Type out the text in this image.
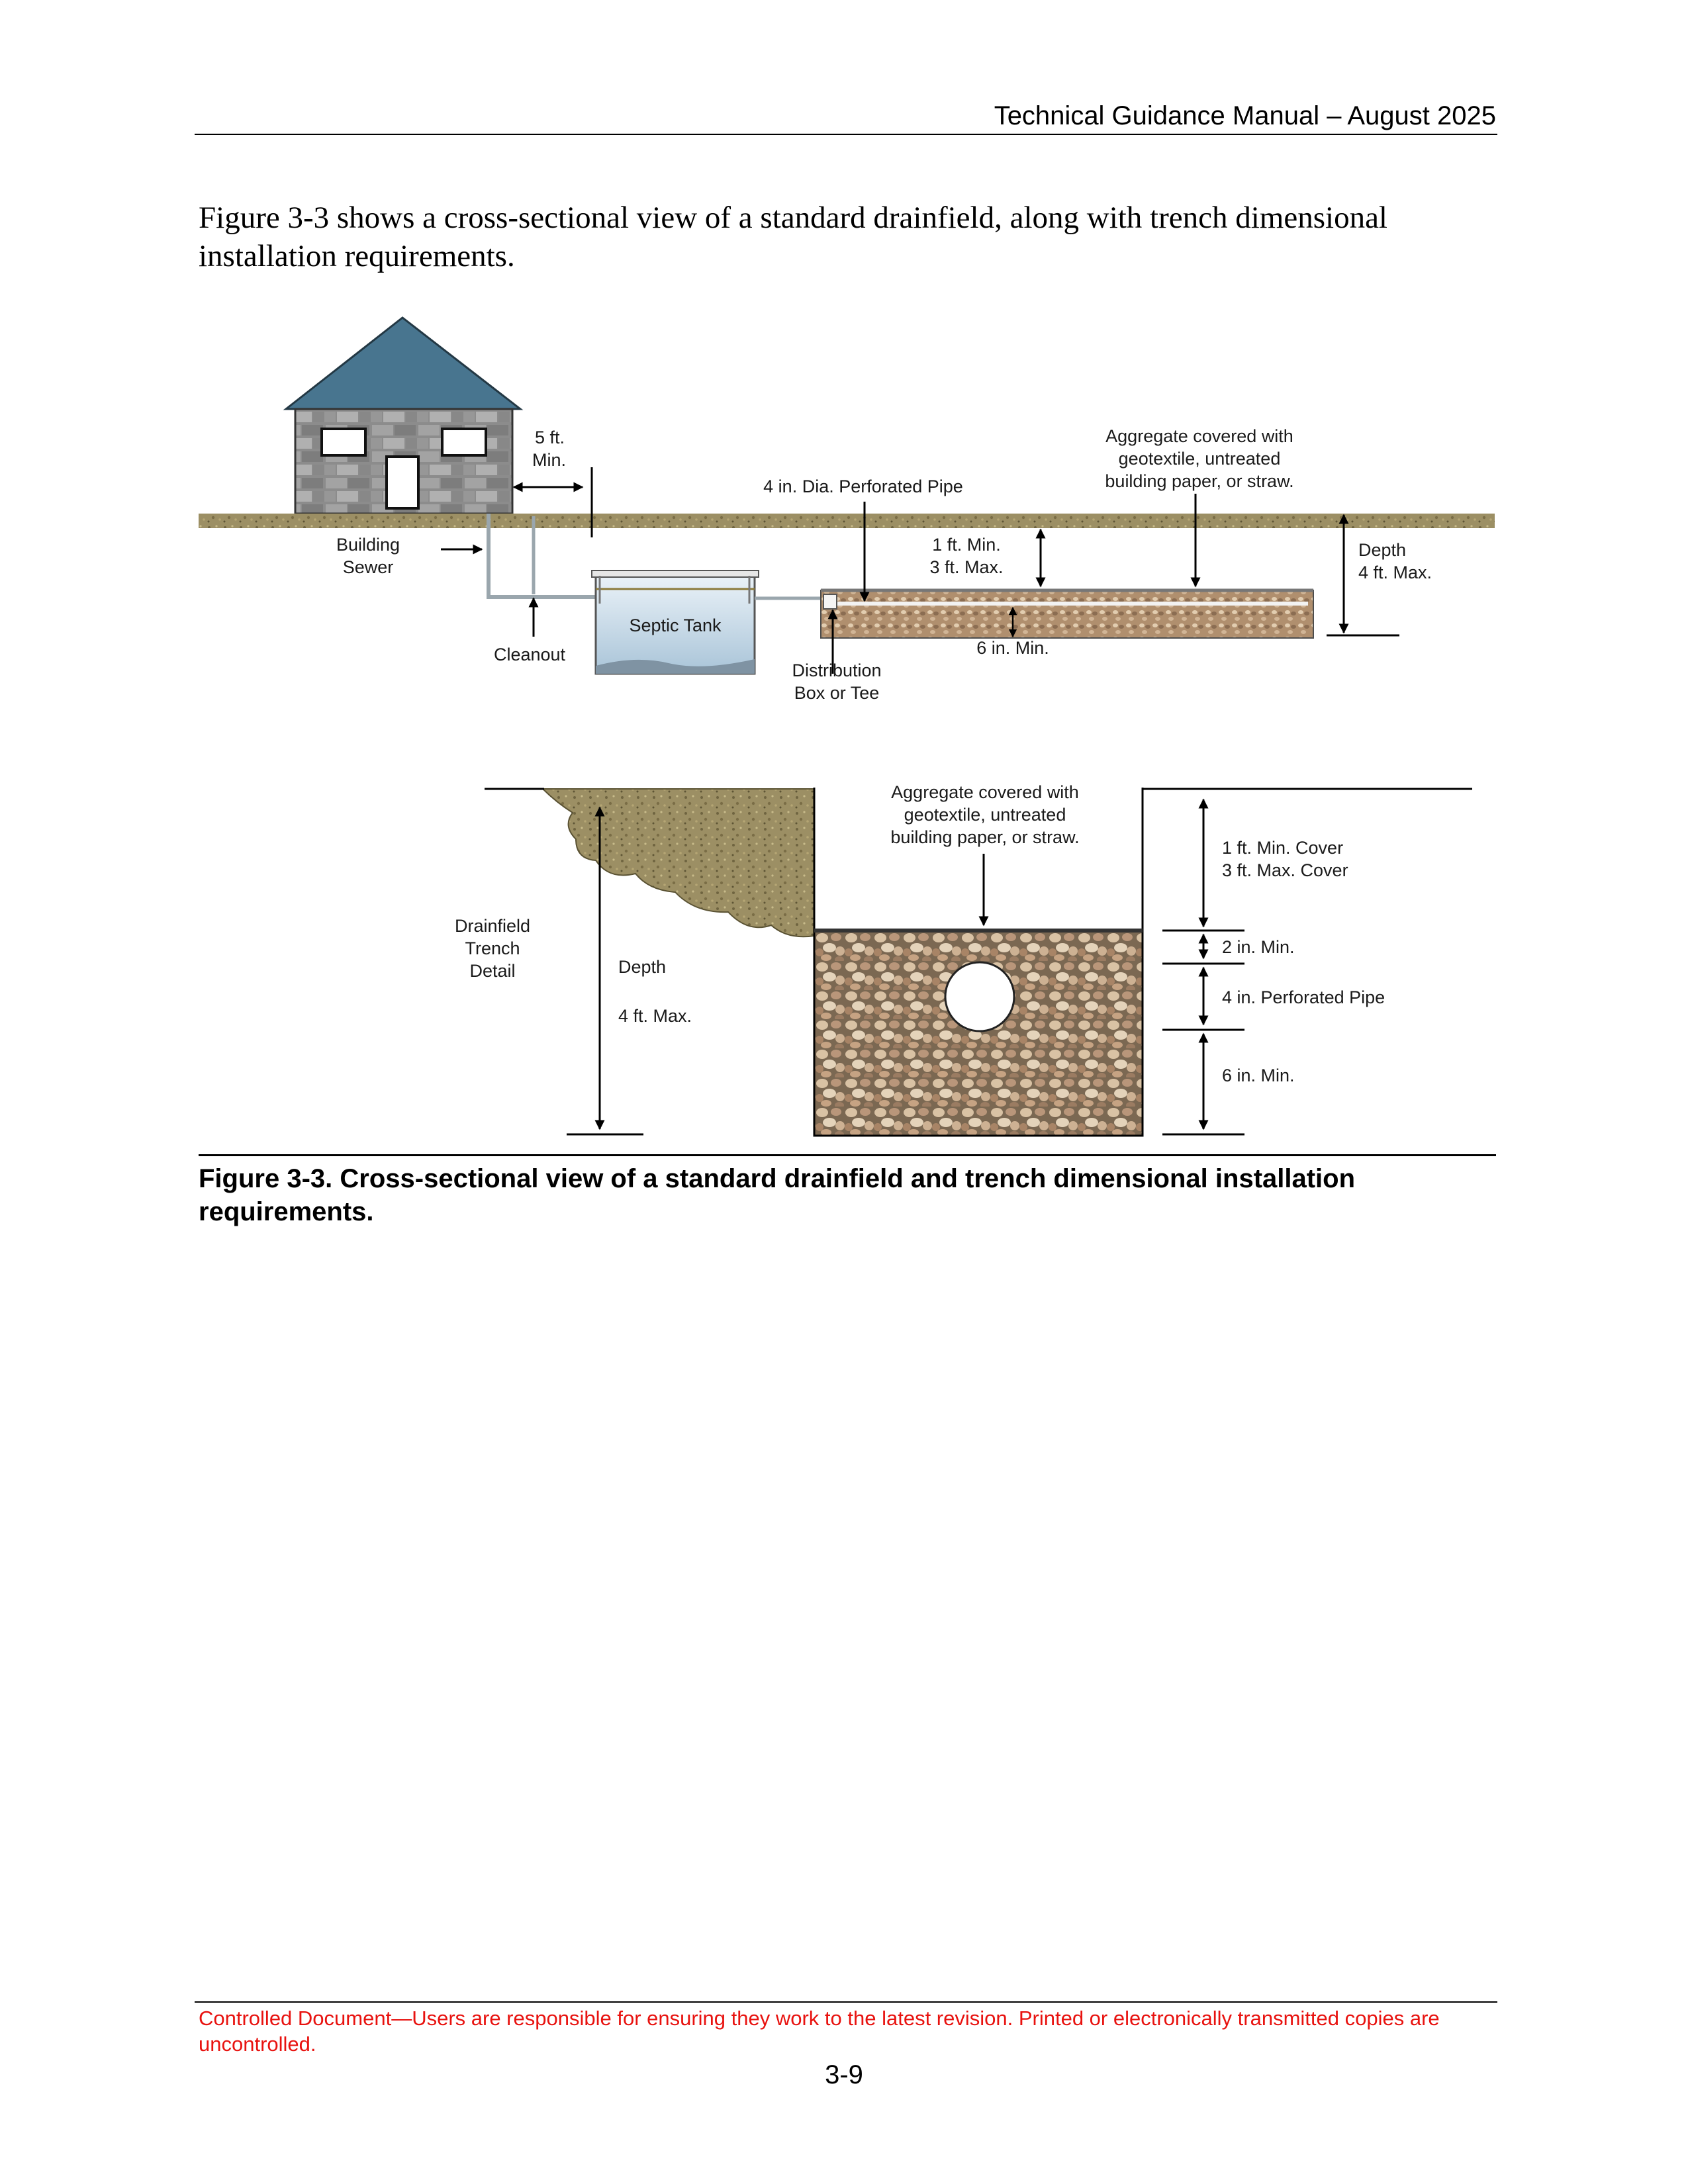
Technical Guidance Manual – August 2025
Figure 3-3 shows a cross-sectional view of a standard drainfield, along with trench dimensional installation requirements.
5 ft.
Min.
Building
Sewer
Cleanout
Septic Tank
4 in. Dia. Perforated Pipe
1 ft. Min.
3 ft. Max.
Aggregate covered with
geotextile, untreated
building paper, or straw.
6 in. Min.
Distribution
Box or Tee
Depth
4 ft. Max.
Depth
4 ft. Max.
Drainfield
Trench
Detail
Aggregate covered with
geotextile, untreated
building paper, or straw.
1 ft. Min. Cover
3 ft. Max. Cover
2 in. Min.
4 in. Perforated Pipe
6 in. Min.
Figure 3-3. Cross-sectional view of a standard drainfield and trench dimensional installation requirements.
Controlled Document—Users are responsible for ensuring they work to the latest revision. Printed or electronically transmitted copies are uncontrolled.
3-9
